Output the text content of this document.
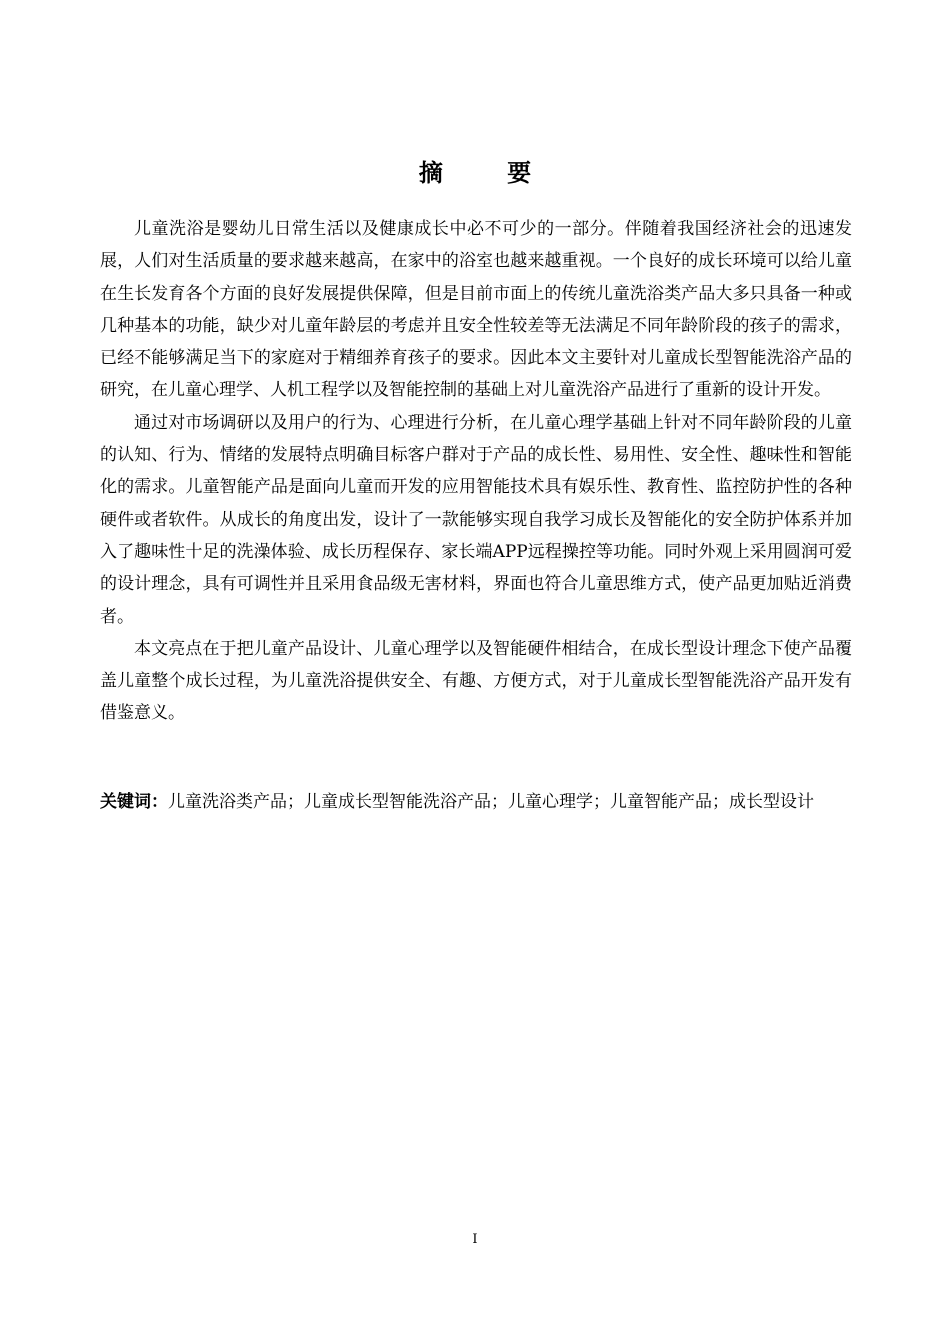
摘 要

儿童洗浴是婴幼儿日常生活以及健康成长中必不可少的一部分。伴随着我国经济社会的迅速发展，人们对生活质量的要求越来越高，在家中的浴室也越来越重视。一个良好的成长环境可以给儿童在生长发育各个方面的良好发展提供保障，但是目前市面上的传统儿童洗浴类产品大多只具备一种或几种基本的功能，缺少对儿童年龄层的考虑并且安全性较差等无法满足不同年龄阶段的孩子的需求，已经不能够满足当下的家庭对于精细养育孩子的要求。因此本文主要针对儿童成长型智能洗浴产品的研究，在儿童心理学、人机工程学以及智能控制的基础上对儿童洗浴产品进行了重新的设计开发。

通过对市场调研以及用户的行为、心理进行分析，在儿童心理学基础上针对不同年龄阶段的儿童的认知、行为、情绪的发展特点明确目标客户群对于产品的成长性、易用性、安全性、趣味性和智能化的需求。儿童智能产品是面向儿童而开发的应用智能技术具有娱乐性、教育性、监控防护性的各种硬件或者软件。从成长的角度出发，设计了一款能够实现自我学习成长及智能化的安全防护体系并加入了趣味性十足的洗澡体验、成长历程保存、家长端APP远程操控等功能。同时外观上采用圆润可爱的设计理念，具有可调性并且采用食品级无害材料，界面也符合儿童思维方式，使产品更加贴近消费者。

本文亮点在于把儿童产品设计、儿童心理学以及智能硬件相结合，在成长型设计理念下使产品覆盖儿童整个成长过程，为儿童洗浴提供安全、有趣、方便方式，对于儿童成长型智能洗浴产品开发有借鉴意义。

关键词：儿童洗浴类产品；儿童成长型智能洗浴产品；儿童心理学；儿童智能产品；成长型设计

I
